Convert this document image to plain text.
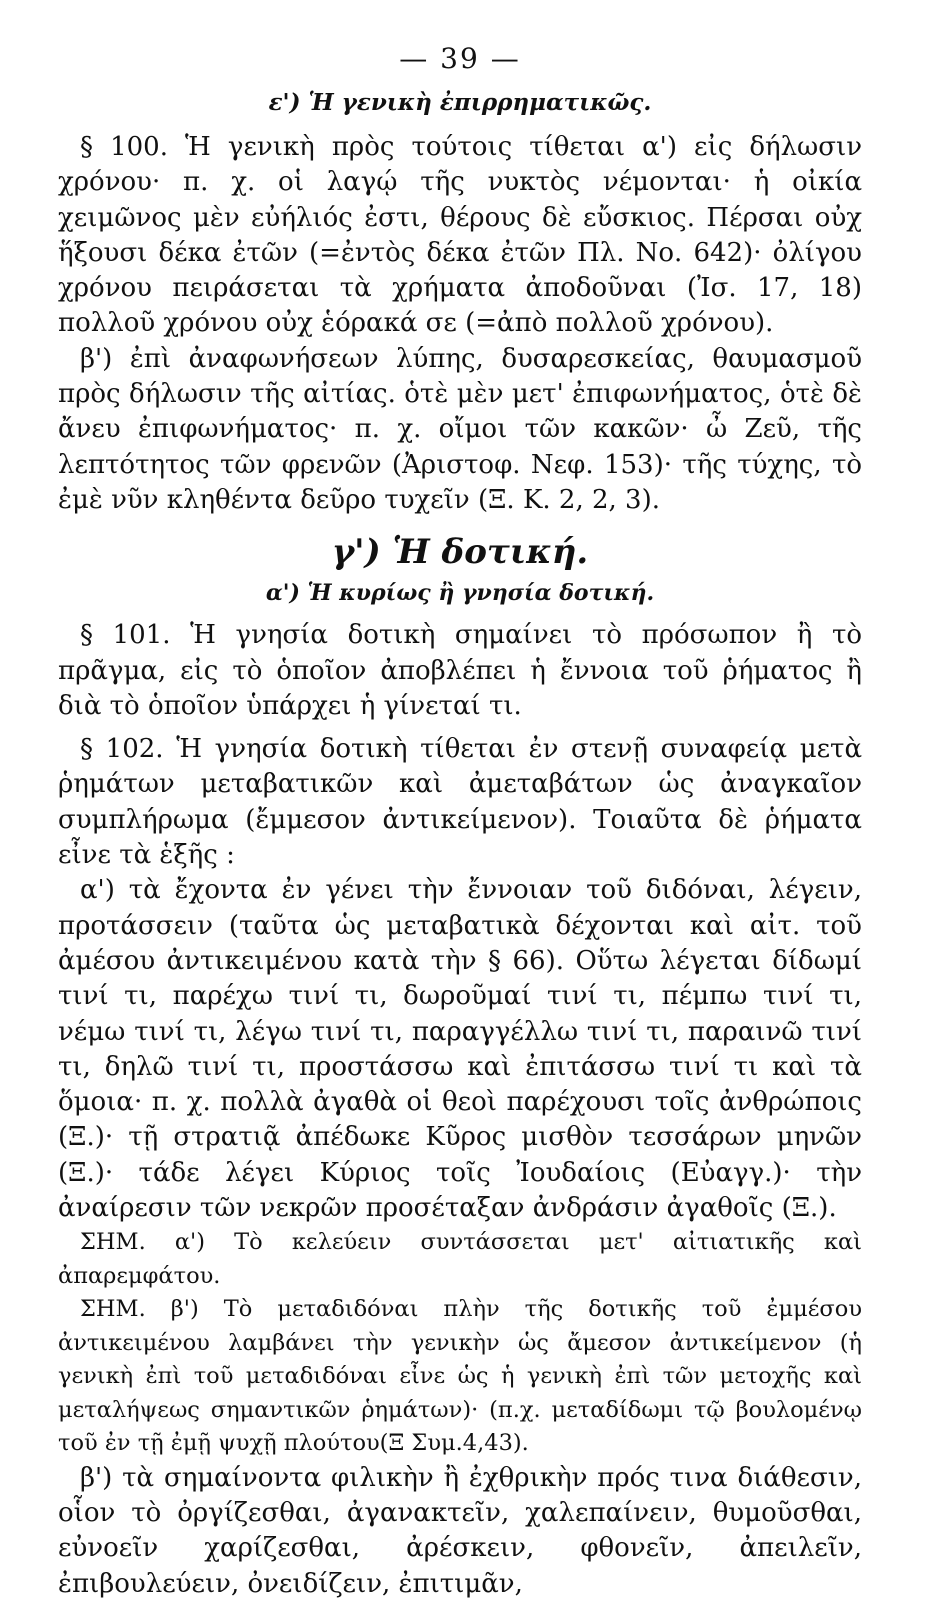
— 39 —
ε') Ἡ γενικὴ ἐπιρρηματικῶς.

§ 100. Ἡ γενικὴ πρὸς τούτοις τίθεται α') εἰς δήλωσιν χρόνου· π. χ. οἱ λαγῴ τῆς νυκτὸς νέμονται· ἡ οἰκία χειμῶνος μὲν εὐήλιός ἐστι, θέρους δὲ εὔσκιος. Πέρσαι οὐχ ἥξουσι δέκα ἐτῶν (=ἐντὸς δέκα ἐτῶν Πλ. Νο. 642)· ὀλίγου χρόνου πειράσεται τὰ χρήματα ἀποδοῦναι (Ἰσ. 17, 18) πολλοῦ χρόνου οὐχ ἑόρακά σε (=ἀπὸ πολλοῦ χρόνου).

β') ἐπὶ ἀναφωνήσεων λύπης, δυσαρεσκείας, θαυμασμοῦ πρὸς δήλωσιν τῆς αἰτίας. ὁτὲ μὲν μετ' ἐπιφωνήματος, ὁτὲ δὲ ἄνευ ἐπιφωνήματος· π. χ. οἴμοι τῶν κακῶν· ὦ Ζεῦ, τῆς λεπτότητος τῶν φρενῶν (Ἀριστοφ. Νεφ. 153)· τῆς τύχης, τὸ ἐμὲ νῦν κληθέντα δεῦρο τυχεῖν (Ξ. Κ. 2, 2, 3).

γ') Ἡ δοτική.
α') Ἡ κυρίως ἢ γνησία δοτική.

§ 101. Ἡ γνησία δοτικὴ σημαίνει τὸ πρόσωπον ἢ τὸ πρᾶγμα, εἰς τὸ ὁποῖον ἀποβλέπει ἡ ἔννοια τοῦ ῥήματος ἢ διὰ τὸ ὁποῖον ὑπάρχει ἡ γίνεταί τι.

§ 102. Ἡ γνησία δοτικὴ τίθεται ἐν στενῇ συναφείᾳ μετὰ ῥημάτων μεταβατικῶν καὶ ἀμεταβάτων ὡς ἀναγκαῖον συμπλήρωμα (ἔμμεσον ἀντικείμενον). Τοιαῦτα δὲ ῥήματα εἶνε τὰ ἑξῆς :

α') τὰ ἔχοντα ἐν γένει τὴν ἔννοιαν τοῦ διδόναι, λέγειν, προτάσσειν (ταῦτα ὡς μεταβατικὰ δέχονται καὶ αἰτ. τοῦ ἀμέσου ἀντικειμένου κατὰ τὴν § 66). Οὕτω λέγεται δίδωμί τινί τι, παρέχω τινί τι, δωροῦμαί τινί τι, πέμπω τινί τι, νέμω τινί τι, λέγω τινί τι, παραγγέλλω τινί τι, παραινῶ τινί τι, δηλῶ τινί τι, προστάσσω καὶ ἐπιτάσσω τινί τι καὶ τὰ ὅμοια· π. χ. πολλὰ ἀγαθὰ οἱ θεοὶ παρέχουσι τοῖς ἀνθρώποις (Ξ.)· τῇ στρατιᾷ ἀπέδωκε Κῦρος μισθὸν τεσσάρων μηνῶν (Ξ.)· τάδε λέγει Κύριος τοῖς Ἰουδαίοις (Εὐαγγ.)· τὴν ἀναίρεσιν τῶν νεκρῶν προσέταξαν ἀνδράσιν ἀγαθοῖς (Ξ.).

ΣΗΜ. α') Τὸ κελεύειν συντάσσεται μετ' αἰτιατικῆς καὶ ἀπαρεμφάτου.

ΣΗΜ. β') Τὸ μεταδιδόναι πλὴν τῆς δοτικῆς τοῦ ἐμμέσου ἀντικειμένου λαμβάνει τὴν γενικὴν ὡς ἄμεσον ἀντικείμενον (ἡ γενικὴ ἐπὶ τοῦ μεταδιδόναι εἶνε ὡς ἡ γενικὴ ἐπὶ τῶν μετοχῆς καὶ μεταλήψεως σημαντικῶν ῥημάτων)· (π.χ. μεταδίδωμι τῷ βουλομένῳ τοῦ ἐν τῇ ἐμῇ ψυχῇ πλούτου(Ξ Συμ.4,43).

β') τὰ σημαίνοντα φιλικὴν ἢ ἐχθρικὴν πρός τινα διάθεσιν, οἷον τὸ ὀργίζεσθαι, ἀγανακτεῖν, χαλεπαίνειν, θυμοῦσθαι, εὐνοεῖν χαρίζεσθαι, ἀρέσκειν, φθονεῖν, ἀπειλεῖν, ἐπιβουλεύειν, ὀνειδίζειν, ἐπιτιμᾶν,
